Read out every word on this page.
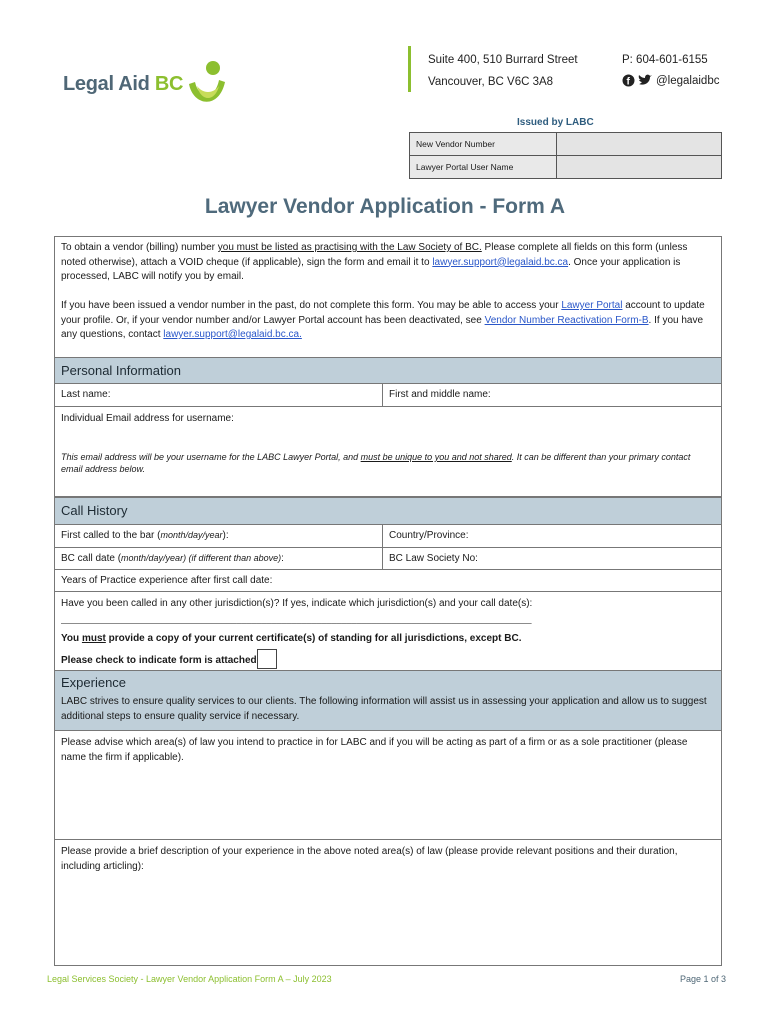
Legal Aid BC
Suite 400, 510 Burrard Street
Vancouver, BC V6C 3A8
P: 604-601-6155
f @legalaidbc
Issued by LABC
New Vendor Number	
Lawyer Portal User Name	
Lawyer Vendor Application - Form A
To obtain a vendor (billing) number you must be listed as practising with the Law Society of BC. Please complete all fields on this form (unless noted otherwise), attach a VOID cheque (if applicable), sign the form and email it to lawyer.support@legalaid.bc.ca. Once your application is processed, LABC will notify you by email.
If you have been issued a vendor number in the past, do not complete this form. You may be able to access your Lawyer Portal account to update your profile. Or, if your vendor number and/or Lawyer Portal account has been deactivated, see Vendor Number Reactivation Form-B. If you have any questions, contact lawyer.support@legalaid.bc.ca.
Personal Information
Last name:	First and middle name:
Individual Email address for username:
This email address will be your username for the LABC Lawyer Portal, and must be unique to you and not shared. It can be different than your primary contact email address below.
Call History
First called to the bar (month/day/year):	Country/Province:
BC call date (month/day/year) (if different than above):	BC Law Society No:
Years of Practice experience after first call date:
Have you been called in any other jurisdiction(s)? If yes, indicate which jurisdiction(s) and your call date(s):
______________________________________________________________________________________________
You must provide a copy of your current certificate(s) of standing for all jurisdictions, except BC.
Please check to indicate form is attached
Experience
LABC strives to ensure quality services to our clients. The following information will assist us in assessing your application and allow us to suggest additional steps to ensure quality service if necessary.
Please advise which area(s) of law you intend to practice in for LABC and if you will be acting as part of a firm or as a sole practitioner (please name the firm if applicable).
Please provide a brief description of your experience in the above noted area(s) of law (please provide relevant positions and their duration, including articling):
Legal Services Society - Lawyer Vendor Application Form A – July 2023	Page 1 of 3
